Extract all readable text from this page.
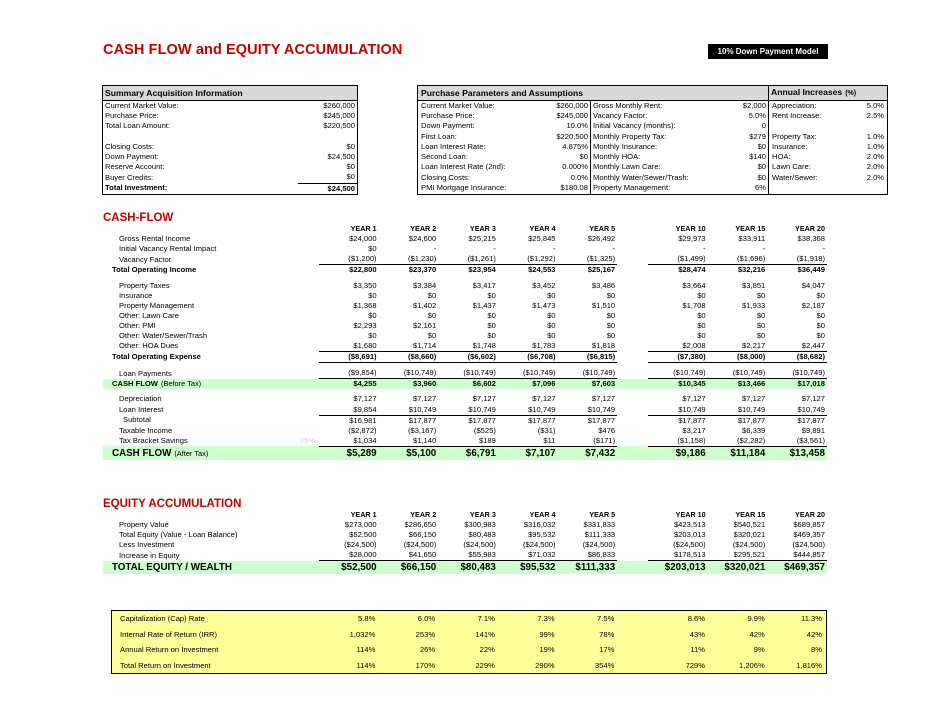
CASH FLOW and EQUITY ACCUMULATION	10% Down Payment Model
Summary Acquisition Information			Purchase Parameters and Assumptions				Annual Increases (%)	
Current Market Value:	$260,000		Current Market Value:	$260,000	Gross Monthly Rent:	$2,000	Appreciation:	5.0%
Purchase Price:	$245,000		Purchase Price:	$245,000	Vacancy Factor:	5.0%	Rent Increase:	2.5%
Total Loan Amount:	$220,500		Down Payment:	10.0%	Initial Vacancy (months):	0		
			First Loan:	$220,500	Monthly Property Tax:	$279	Property Tax:	1.0%
Closing Costs:	$0		Loan Interest Rate:	4.875%	Monthly Insurance:	$0	Insurance:	1.0%
Down Payment:	$24,500		Second Loan:	$0	Monthly HOA:	$140	HOA:	2.0%
Reserve Account:	$0		Loan Interest Rate (2nd):	0.000%	Monthly Lawn Care:	$0	Lawn Care:	2.0%
Buyer Credits:	$0		Closing Costs:	0.0%	Monthly Water/Sewer/Trash:	$0	Water/Sewer:	2.0%
Total Investment:	$24,500		PMI Mortgage Insurance:	$180.08	Property Management:	6%		
CASH-FLOW
		YEAR 1	YEAR 2	YEAR 3	YEAR 4	YEAR 5		YEAR 10	YEAR 15	YEAR 20
Gross Rental Income		$24,000	$24,600	$25,215	$25,845	$26,492		$29,973	$33,911	$38,368
Initial Vacancy Rental Impact		$0	-	-	-	-		-	-	-
Vacancy Factor		($1,200)	($1,230)	($1,261)	($1,292)	($1,325)		($1,499)	($1,696)	($1,918)
Total Operating Income		$22,800	$23,370	$23,954	$24,553	$25,167		$28,474	$32,216	$36,449

Property Taxes		$3,350	$3,384	$3,417	$3,452	$3,486		$3,664	$3,851	$4,047
Insurance		$0	$0	$0	$0	$0		$0	$0	$0
Property Management		$1,368	$1,402	$1,437	$1,473	$1,510		$1,708	$1,933	$2,187
Other: Lawn Care		$0	$0	$0	$0	$0		$0	$0	$0
Other: PMI		$2,293	$2,161	$0	$0	$0		$0	$0	$0
Other: Water/Sewer/Trash		$0	$0	$0	$0	$0		$0	$0	$0
Other: HOA Dues		$1,680	$1,714	$1,748	$1,783	$1,818		$2,008	$2,217	$2,447
Total Operating Expense		($8,691)	($8,660)	($6,602)	($6,708)	($6,815)		($7,380)	($8,000)	($8,682)

Loan Payments		($9,854)	($10,749)	($10,749)	($10,749)	($10,749)		($10,749)	($10,749)	($10,749)
CASH FLOW (Before Tax)		$4,255	$3,960	$6,602	$7,096	$7,603		$10,345	$13,466	$17,018

Depreciation		$7,127	$7,127	$7,127	$7,127	$7,127		$7,127	$7,127	$7,127
Loan Interest		$9,854	$10,749	$10,749	$10,749	$10,749		$10,749	$10,749	$10,749
Subtotal		$16,981	$17,877	$17,877	$17,877	$17,877		$17,877	$17,877	$17,877
Taxable Income		($2,872)	($3,167)	($525)	($31)	$476		$3,217	$6,339	$9,891
Tax Bracket Savings	35%	$1,034	$1,140	$189	$11	($171)		($1,158)	($2,282)	($3,561)
CASH FLOW (After Tax)		$5,289	$5,100	$6,791	$7,107	$7,432		$9,186	$11,184	$13,458
EQUITY ACCUMULATION
		YEAR 1	YEAR 2	YEAR 3	YEAR 4	YEAR 5		YEAR 10	YEAR 15	YEAR 20
Property Value		$273,000	$286,650	$300,983	$316,032	$331,833		$423,513	$540,521	$689,857
Total Equity (Value - Loan Balance)		$52,500	$66,150	$80,483	$95,532	$111,333		$203,013	$320,021	$469,357
Less Investment		($24,500)	($24,500)	($24,500)	($24,500)	($24,500)		($24,500)	($24,500)	($24,500)
Increase in Equity		$28,000	$41,650	$55,983	$71,032	$86,833		$178,513	$295,521	$444,857
TOTAL EQUITY / WEALTH		$52,500	$66,150	$80,483	$95,532	$111,333		$203,013	$320,021	$469,357
Capitalization (Cap) Rate		5.8%	6.0%	7.1%	7.3%	7.5%		8.6%	9.9%	11.3%
Internal Rate of Return (IRR)		1,032%	253%	141%	99%	78%		43%	42%	42%
Annual Return on Investment		114%	26%	22%	19%	17%		11%	9%	8%
Total Return on Investment		114%	170%	229%	290%	354%		729%	1,206%	1,816%
